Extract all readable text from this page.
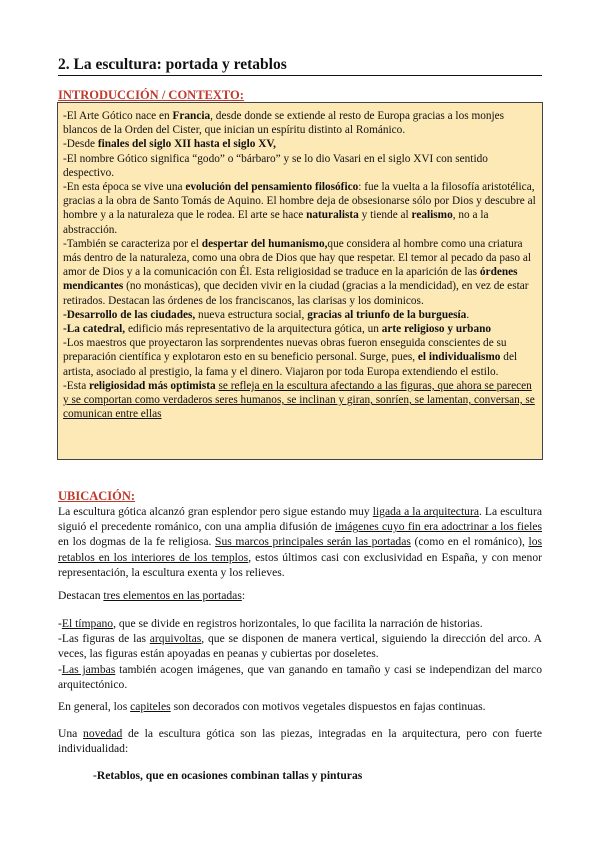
2. La escultura: portada y retablos
INTRODUCCIÓN / CONTEXTO:

-El Arte Gótico nace en Francia, desde donde se extiende al resto de Europa gracias a los monjes blancos de la Orden del Cister, que inician un espíritu distinto al Románico.

-Desde finales del siglo XII hasta el siglo XV,

-El nombre Gótico significa “godo” o “bárbaro” y se lo dio Vasari en el siglo XVI con sentido despectivo.

-En esta época se vive una evolución del pensamiento filosófico: fue la vuelta a la filosofía aristotélica, gracias a la obra de Santo Tomás de Aquino. El hombre deja de obsesionarse sólo por Dios y descubre al hombre y a la naturaleza que le rodea. El arte se hace naturalista y tiende al realismo, no a la abstracción.

-También se caracteriza por el despertar del humanismo,que considera al hombre como una criatura más dentro de la naturaleza, como una obra de Dios que hay que respetar. El temor al pecado da paso al amor de Dios y a la comunicación con Él. Esta religiosidad se traduce en la aparición de las órdenes mendicantes (no monásticas), que deciden vivir en la ciudad (gracias a la mendicidad), en vez de estar retirados. Destacan las órdenes de los franciscanos, las clarisas y los dominicos.

-Desarrollo de las ciudades, nueva estructura social, gracias al triunfo de la burguesía.

-La catedral, edificio más representativo de la arquitectura gótica, un arte religioso y urbano

-Los maestros que proyectaron las sorprendentes nuevas obras fueron enseguida conscientes de su preparación científica y explotaron esto en su beneficio personal. Surge, pues, el individualismo del artista, asociado al prestigio, la fama y el dinero. Viajaron por toda Europa extendiendo el estilo.

-Esta religiosidad más optimista se refleja en la escultura afectando a las figuras, que ahora se parecen y se comportan como verdaderos seres humanos, se inclinan y giran, sonríen, se lamentan, conversan, se comunican entre ellas

UBICACIÓN:

La escultura gótica alcanzó gran esplendor pero sigue estando muy ligada a la arquitectura. La escultura siguió el precedente románico, con una amplia difusión de imágenes cuyo fin era adoctrinar a los fieles en los dogmas de la fe religiosa. Sus marcos principales serán las portadas (como en el románico), los retablos en los interiores de los templos, estos últimos casi con exclusividad en España, y con menor representación, la escultura exenta y los relieves.

Destacan tres elementos en las portadas:

-El tímpano, que se divide en registros horizontales, lo que facilita la narración de historias.

-Las figuras de las arquivoltas, que se disponen de manera vertical, siguiendo la dirección del arco. A veces, las figuras están apoyadas en peanas y cubiertas por doseletes.

-Las jambas también acogen imágenes, que van ganando en tamaño y casi se independizan del marco arquitectónico.

En general, los capiteles son decorados con motivos vegetales dispuestos en fajas continuas.

Una novedad de la escultura gótica son las piezas, integradas en la arquitectura, pero con fuerte individualidad:

-Retablos, que en ocasiones combinan tallas y pinturas
